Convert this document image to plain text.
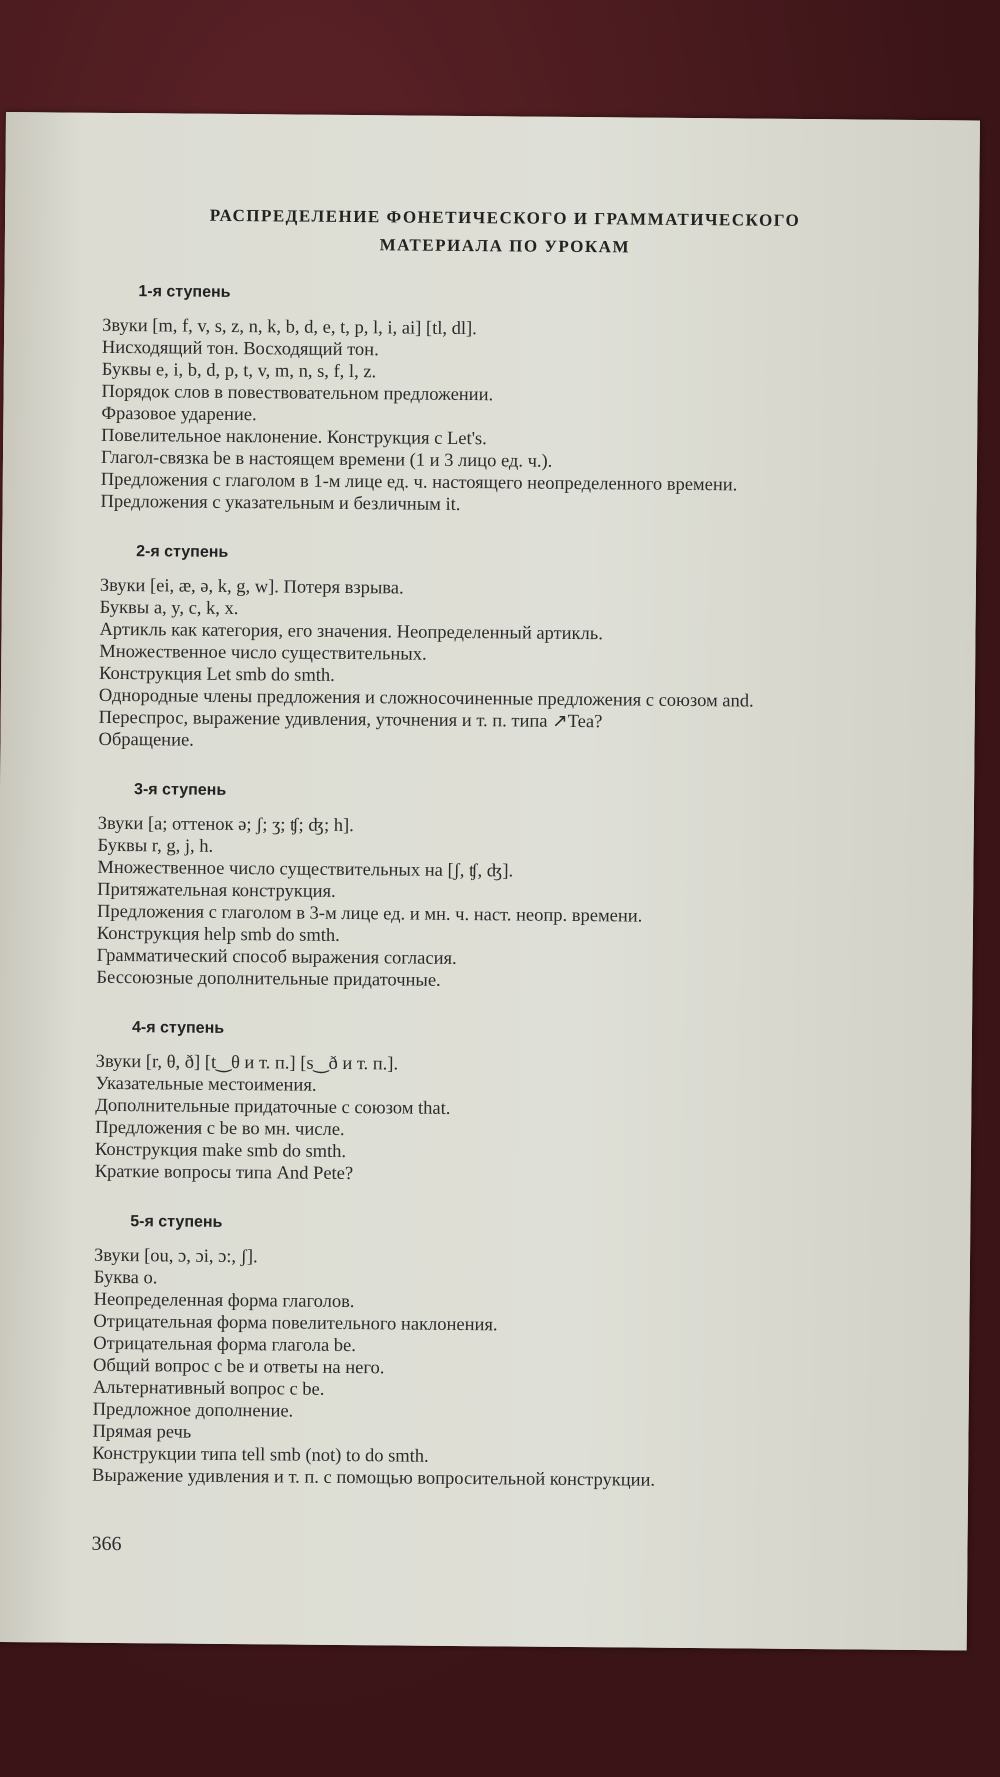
РАСПРЕДЕЛЕНИЕ ФОНЕТИЧЕСКОГО И ГРАММАТИЧЕСКОГО
МАТЕРИАЛА ПО УРОКАМ
1-я ступень
Звуки [m, f, v, s, z, n, k, b, d, e, t, p, l, i, ai] [tl, dl].
Нисходящий тон. Восходящий тон.
Буквы e, i, b, d, p, t, v, m, n, s, f, l, z.
Порядок слов в повествовательном предложении.
Фразовое ударение.
Повелительное наклонение. Конструкция с Let's.
Глагол-связка be в настоящем времени (1 и 3 лицо ед. ч.).
Предложения с глаголом в 1-м лице ед. ч. настоящего неопределенного времени.
Предложения с указательным и безличным it.
2-я ступень
Звуки [ei, æ, ə, k, g, w]. Потеря взрыва.
Буквы a, y, c, k, x.
Артикль как категория, его значения. Неопределенный артикль.
Множественное число существительных.
Конструкция Let smb do smth.
Однородные члены предложения и сложносочиненные предложения с союзом and.
Переспрос, выражение удивления, уточнения и т. п. типа ↗Tea?
Обращение.
3-я ступень
Звуки [a; оттенок ə; ʃ; ʒ; ʧ; ʤ; h].
Буквы r, g, j, h.
Множественное число существительных на [ʃ, ʧ, ʤ].
Притяжательная конструкция.
Предложения с глаголом в 3-м лице ед. и мн. ч. наст. неопр. времени.
Конструкция help smb do smth.
Грамматический способ выражения согласия.
Бессоюзные дополнительные придаточные.
4-я ступень
Звуки [r, θ, ð] [t‿θ и т. п.] [s‿ð и т. п.].
Указательные местоимения.
Дополнительные придаточные с союзом that.
Предложения с be во мн. числе.
Конструкция make smb do smth.
Краткие вопросы типа And Pete?
5-я ступень
Звуки [ou, ɔ, ɔi, ɔ:, ʃ].
Буква o.
Неопределенная форма глаголов.
Отрицательная форма повелительного наклонения.
Отрицательная форма глагола be.
Общий вопрос с be и ответы на него.
Альтернативный вопрос с be.
Предложное дополнение.
Прямая речь
Конструкции типа tell smb (not) to do smth.
Выражение удивления и т. п. с помощью вопросительной конструкции.
366
